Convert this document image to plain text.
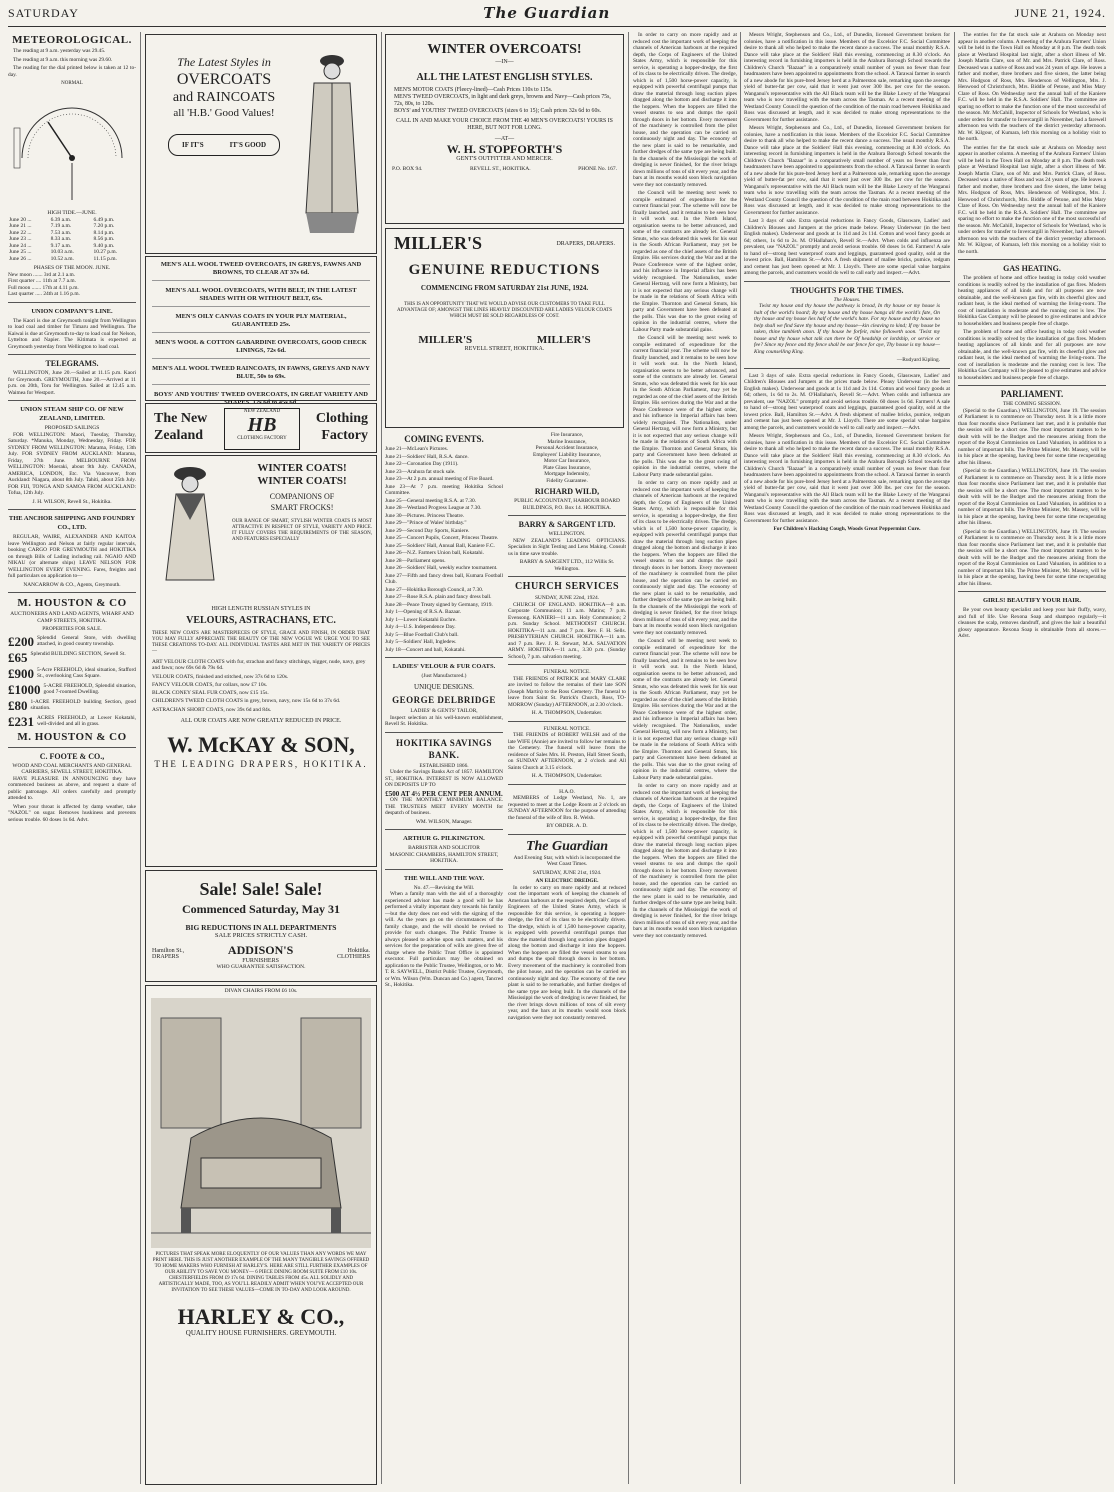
SATURDAY	The Guardian	JUNE 21, 1924.
METEOROLOGICAL.

The reading at 9 a.m. yesterday was 29.45.

The reading at 9 a.m. this morning was 29.60.

The reading for the dial printed below is taken at 12 to-day.

NORMAL
HIGH TIDE.—JUNE.
June 20 ...	6.39 a.m.	6.49 p.m.
June 21 ...	7.19 a.m.	7.20 p.m.
June 22 ...	7.53 a.m.	8.14 p.m.
June 23 ...	8.33 a.m.	8.56 p.m.
June 24 ...	9.17 a.m.	9.40 p.m.
June 25 ...	10.03 a.m.	10.27 p.m.
June 26 ...	10.52 a.m.	11.15 p.m.
PHASES OF THE MOON. JUNE.
New moon ....... 3rd at 2.1 a.m.
First quarter .... 11th at 7.7 a.m.
Full moon ....... 17th at 4.11 p.m.
Last quarter ..... 24th at 1.16 p.m.
UNION COMPANY'S LINE.

The Kaori is due at Greymouth tonight from Wellington to load coal and timber for Timaru and Wellington. The Kaiwai is due at Greymouth to-day to load coal for Nelson, Lyttelton and Napier. The Kitimata is expected at Greymouth yesterday from Wellington to load coal.

TELEGRAMS.

WELLINGTON, June 20.—Sailed at 11.15 p.m. Kaori for Greymouth. GREYMOUTH, June 20.—Arrived at 11 p.m. on 20th, Toru for Wellington. Sailed at 12.45 a.m. Waimea for Westport.

UNION STEAM SHIP CO. OF NEW ZEALAND, LIMITED.
PROPOSED SAILINGS

FOR WELLINGTON: Maori, Tuesday, Thursday, Saturday. *Manuka, Monday, Wednesday, Friday. FOR SYDNEY FROM WELLINGTON: Marama, Friday, 13th July. FOR SYDNEY FROM AUCKLAND: Marama, Friday, 27th June. MELBOURNE FROM WELLINGTON: Moeraki, about 9th July. CANADA, AMERICA, LONDON, Etc. Via Vancouver, from Auckland: Niagara, about 8th July. Tahiti, about 25th July. FOR FIJI, TONGA AND SAMOA FROM AUCKLAND: Tofua, 12th July.

J. H. WILSON, Revell St., Hokitika.
THE ANCHOR SHIPPING AND FOUNDRY CO., LTD.

REGULAR, WAIRE, ALEXANDER AND KAITOA leave Wellington and Nelson at fairly regular intervals, booking CARGO FOR GREYMOUTH and HOKITIKA on through Bills of Lading including rail. NGAIO AND NIKAU (or alternate ships) LEAVE NELSON FOR WELLINGTON EVERY EVENING. Fares, freights and full particulars on application to—

NANCARROW & CO., Agents, Greymouth.
M. HOUSTON & CO
AUCTIONEERS AND LAND AGENTS, WHARF AND CAMP STREETS, HOKITIKA.
PROPERTIES FOR SALE.
£200 Splendid General Store, with dwelling attached, in good country township.
£65 Splendid BUILDING SECTION, Sewell St.
£900 5-Acre FREEHOLD, ideal situation, Stafford St., overlooking Cass Square.
£1000 5-ACRE FREEHOLD, Splendid situation, good 7-roomed Dwelling.
£80 1-ACRE FREEHOLD building Section, good situation.
£231 ACRES FREEHOLD, at Lower Kokatahi, well-divided and all in grass.
M. HOUSTON & CO
C. FOOTE & CO.,
WOOD AND COAL MERCHANTS AND GENERAL CARRIERS, SEWELL STREET, HOKITIKA.

HAVE PLEASURE IN ANNOUNCING they have commenced business as above, and request a share of public patronage. All orders carefully and promptly attended to.

When your throat is affected by damp weather, take "NAZOL" on sugar. Removes huskiness and prevents serious trouble. 60 doses 1s 6d. Advt.

The Latest Styles in
OVERCOATS
and RAINCOATS
all 'H.B.' Good Values!
IF IT'S	IT'S GOOD
MEN'S ALL WOOL TWEED OVERCOATS, IN GREYS, FAWNS AND BROWNS, TO CLEAR AT 37s 6d.
MEN'S ALL WOOL OVERCOATS, WITH BELT, IN THE LATEST SHADES WITH OR WITHOUT BELT, 65s.
MEN'S OILY CANVAS COATS IN YOUR PLY MATERIAL, GUARANTEED 25s.
MEN'S WOOL & COTTON GABARDINE OVERCOATS, GOOD CHECK LININGS, 72s 6d.
MEN'S ALL WOOL TWEED RAINCOATS, IN FAWNS, GREYS AND NAVY BLUE, 50s to 69s.
BOYS' AND YOUTHS' TWEED OVERCOATS, IN GREAT VARIETY AND
The New
Zealand
NEW ZEALAND
HB
CLOTHING FACTORY
Clothing
Factory
WINTER COATS!
WINTER COATS!
COMPANIONS OF
SMART FROCKS!

OUR RANGE OF SMART, STYLISH WINTER COATS IS MOST ATTRACTIVE IN RESPECT OF STYLE, VARIETY AND PRICE. IT FULLY COVERS THE REQUIREMENTS OF THE SEASON, AND FEATURES ESPECIALLY

HIGH LENGTH RUSSIAN STYLES IN
VELOURS, ASTRACHANS, ETC.

THESE NEW COATS ARE MASTERPIECES OF STYLE, GRACE AND FINISH, IN ORDER THAT YOU MAY FULLY APPRECIATE THE BEAUTY OF THE NEW VOGUE WE URGE YOU TO SEE THESE CREATIONS TO-DAY. ALL INDIVIDUAL TASTES ARE MET IN THE VARIETY OF PRICES—

ART VELOUR CLOTH COATS with fur, strachan and fancy stitchings, nigger, nude, navy, grey and fawn; now 69s 6d & 79s 6d.
VELOUR COATS, finished and stitched, now 37s 6d to 120s.
FANCY VELOUR COATS, fur collars, now £7 10s.
BLACK CONEY SEAL FUR COATS, now £15 15s.
CHILDREN'S TWEED CLOTH COATS in grey, brown, navy, now 15s 6d to 37s 6d.
ASTRACHAN SHORT COATS, now 39s 6d and 84s.
ALL OUR COATS ARE NOW GREATLY REDUCED IN PRICE.
W. McKAY & SON,
THE LEADING DRAPERS, HOKITIKA.
Sale! Sale! Sale!
Commenced Saturday, May 31
BIG REDUCTIONS IN ALL DEPARTMENTS
SALE PRICES STRICTLY CASH.
Hamilton St.,
DRAPERS	ADDISON'S
FURNISHERS
Hokitika.
CLOTHIERS
WHO GUARANTEE SATISFACTION.
DIVAN CHAIRS FROM £6 10s.

PICTURES THAT SPEAK MORE ELOQUENTLY OF OUR VALUES THAN ANY WORDS WE MAY PRINT HERE. THIS IS JUST ANOTHER EXAMPLE OF THE MANY TANGIBLE SAVINGS OFFERED TO HOME MAKERS WHO FURNISH AT HARLEY'S. HERE ARE STILL FURTHER EXAMPLES OF OUR ABILITY TO SAVE YOU MONEY— 6 PIECE DINING ROOM SUITE FROM £10 10s. CHESTERFIELDS FROM £9 17s 6d. DINING TABLES FROM 45s. ALL SOLIDLY AND ARTISTICALLY MADE, TOO, AS YOU'LL READILY ADMIT WHEN YOU'VE ACCEPTED OUR INVITATION TO SEE THESE VALUES—COME IN TO-DAY AND LOOK AROUND.

HARLEY & CO.,
QUALITY HOUSE FURNISHERS. GREYMOUTH.
WINTER OVERCOATS!
—IN—
ALL THE LATEST ENGLISH STYLES.
MEN'S MOTOR COATS (Fleecy-lined)—Cash Prices 110s to 115s.
MEN'S TWEED OVERCOATS, in light and dark greys, browns and Navy—Cash prices 75s, 72s, 80s, to 120s.
BOYS' and YOUTHS' TWEED OVERCOATS (sizes 6 to 15); Cash prices 32s 6d to 60s.
CALL IN AND MAKE YOUR CHOICE FROM THE 40 MEN'S OVERCOATS! YOURS IS HERE, BUT NOT FOR LONG.
—AT—
W. H. STOPFORTH'S
GENT'S OUTFITTER AND MERCER.
P.O. BOX 94.	REVELL ST., HOKITIKA.	PHONE No. 167.
MILLER'S	DRAPERS, DRAPERS.
GENUINE REDUCTIONS
COMMENCING FROM SATURDAY 21st JUNE, 1924.

THIS IS AN OPPORTUNITY THAT WE WOULD ADVISE OUR CUSTOMERS TO TAKE FULL ADVANTAGE OF; AMONGST THE LINES HEAVILY DISCOUNTED ARE LADIES VELOUR COATS WHICH MUST BE SOLD REGARDLESS OF COST.

MILLER'S	MILLER'S
REVELL STREET, HOKITIKA.
COMING EVENTS.
June 21—McLean's Pictures.
June 21—Soldiers' Hall, R.S.A. dance.
June 22—Coronation Day (1911).
June 23—Arahura fat stock sale.
June 23—At 2 p.m. annual meeting of Fire Board.
June 23—At 7 p.m. meeting Hokitika School Committee.
June 25—General meeting R.S.A. at 7.30.
June 28—Westland Progress League at 7.30.
June 30—Pictures. Princess Theatre.
June 29—"Prince of Wales' birthday."
June 29—Second Day Sports, Kaniere.
June 25—Concert Pupils, Concert, Princess Theatre.
June 25—Soldiers' Hall, Annual Ball, Kaniere F.C.
June 26—N.Z. Farmers Union ball, Kokatahi.
June 28—Parliament opens.
June 26—Soldiers' Hall, weekly euchre tournament.
June 27—Fifth and fancy dress ball, Kumara Football Club.
June 27—Hokitika Borough Council, at 7.30.
June 27—Rose R.S.A. plain and fancy dress ball.
June 28—Peace Treaty signed by Germany, 1919.
July 1—Opening of R.S.A. Bazaar.
July 1—Lower Kokatahi Euchre.
July 4—U.S. Independence Day.
July 5—Blue Football Club's ball.
July 5—Soldiers' Hall, Ingledew.
July 18—Concert and ball, Kokatahi.
LADIES' VELOUR & FUR COATS.
(Just Manufactured.)
UNIQUE DESIGNS.
GEORGE DELBRIDGE
LADIES' & GENTS' TAILOR,

Inspect selection at his well-known establishment, Revell St. Hokitika.

HOKITIKA SAVINGS BANK.
ESTABLISHED 1866.

Under the Savings Banks Act of 1857. HAMILTON ST., HOKITIKA. INTEREST IS NOW ALLOWED ON DEPOSITS UP TO

£500 AT 4½ PER CENT PER ANNUM.

ON THE MONTHLY MINIMUM BALANCE. THE TRUSTEES MEET EVERY MONTH for despatch of business.

WM. WILSON, Manager.
ARTHUR G. PILKINGTON.
BARRISTER AND SOLICITOR
MASONIC CHAMBERS, HAMILTON STREET, HOKITIKA.
THE WILL AND THE WAY.
No. 47.—Revising the Will.

When a family man with the aid of a thoroughly experienced advisor has made a good will he has performed a vitally important duty towards his family—but the duty does not end with the signing of the will. As the years go on the circumstances of the family change, and the will should be revised to provide for such changes. The Public Trustee is always pleased to advise upon such matters, and his services for the preparation of wills are given free of charge where the Public Trust Office is appointed executor. Full particulars may be obtained on application to the Public Trustee, Wellington, or to Mr. T. R. SAYWELL, District Public Trustee, Greymouth, or Wm. Wilson (Wm. Duncan and Co.) agent, Tancred St., Hokitika.

Fire Insurance,
Marine Insurance,
Personal Accident Insurance,
Employers' Liability Insurance,
Motor Car Insurance,
Plate Glass Insurance,
Mortgage Indemnity,
Fidelity Guarantee.
RICHARD WILD,
PUBLIC ACCOUNTANT, HARBOUR BOARD BUILDINGS, P.O. Box 14. HOKITIKA.
BARRY & SARGENT LTD.
WELLINGTON.

NEW ZEALAND'S LEADING OPTICIANS. Specialists in Sight Testing and Lens Making. Consult us in time save trouble.

BARRY & SARGENT LTD., 112 Willis St. Wellington.
CHURCH SERVICES
SUNDAY, JUNE 22nd, 1924.

CHURCH OF ENGLAND. HOKITIKA—8 a.m. Corporate Communion; 11 a.m. Matins; 7 p.m. Evensong. KANIERI—11 a.m. Holy Communion; 2 p.m. Sunday School. METHODIST CHURCH. HOKITIKA—11 a.m. and 7 p.m. Rev. F. H. Sells. PRESBYTERIAN CHURCH. HOKITIKA—11 a.m. and 7 p.m. Rev. J. R. Stewart, M.A. SALVATION ARMY. HOKITIKA—11 a.m., 3.30 p.m. (Sunday School), 7 p.m. salvation meeting.

FUNERAL NOTICE.

THE FRIENDS of PATRICK and MARY CLARE are invited to follow the remains of their late SON (Joseph Martin) to the Ross Cemetery. The funeral to leave from Saint St. Patrick's Church, Ross, TO-MORROW (Sunday) AFTERNOON, at 2.30 o'clock.

H. A. THOMPSON, Undertaker.
FUNERAL NOTICE.

THE FRIENDS of ROBERT WELSH and of the late WIFE (Annie) are invited to follow her remains to the Cemetery. The funeral will leave from the residence of Sales Mrs. H. Preston, Hall Street South, on SUNDAY AFTERNOON, at 2 o'clock and All Saints Church at 3.15 o'clock.

H. A. THOMPSON, Undertaker.
H.A.O.

MEMBERS of Lodge Westland, No. 1, are requested to meet at the Lodge Room at 2 o'clock on SUNDAY AFTERNOON for the purpose of attending the funeral of the wife of Bro. R. Welsh.

BY ORDER. A. D.
The Guardian
And Evening Star, with which is incorporated the West Coast Times.
SATURDAY, JUNE 21st, 1924.
AN ELECTRIC DREDGE.

In order to carry on more rapidly and at reduced cost the important work of keeping the channels of American harbours at the required depth, the Corps of Engineers of the United States Army, which is responsible for this service, is operating a hopper-dredge, the first of its class to be electrically driven. The dredge, which is of 1,500 horse-power capacity, is equipped with powerful centrifugal pumps that draw the material through long suction pipes dragged along the bottom and discharge it into the hoppers. When the hoppers are filled the vessel steams to sea and dumps the spoil through doors in her bottom. Every movement of the machinery is controlled from the pilot house, and the operation can be carried on continuously night and day. The economy of the new plant is said to be remarkable, and further dredges of the same type are being built. In the channels of the Mississippi the work of dredging is never finished, for the river brings down millions of tons of silt every year, and the bars at its mouths would soon block navigation were they not constantly removed.

In order to carry on more rapidly and at reduced cost the important work of keeping the channels of American harbours at the required depth, the Corps of Engineers of the United States Army, which is responsible for this service, is operating a hopper-dredge, the first of its class to be electrically driven. The dredge, which is of 1,500 horse-power capacity, is equipped with powerful centrifugal pumps that draw the material through long suction pipes dragged along the bottom and discharge it into the hoppers. When the hoppers are filled the vessel steams to sea and dumps the spoil through doors in her bottom. Every movement of the machinery is controlled from the pilot house, and the operation can be carried on continuously night and day. The economy of the new plant is said to be remarkable, and further dredges of the same type are being built. In the channels of the Mississippi the work of dredging is never finished, for the river brings down millions of tons of silt every year, and the bars at its mouths would soon block navigation were they not constantly removed.

the Council will be meeting next week to compile estimated of expenditure for the current financial year. The scheme will now be finally launched, and it remains to be seen how it will work out. In the North Island, organisation seems to be better advanced, and some of the contracts are already let. General Smuts, who was defeated this week for his seat in the South African Parliament, may yet be regarded as one of the chief assets of the British Empire. His services during the War and at the Peace Conference were of the highest order, and his influence in Imperial affairs has been widely recognised. The Nationalists, under General Hertzog, will now form a Ministry, but it is not expected that any serious change will be made in the relations of South Africa with the Empire. Thornton and General Smuts, his party and Government have been defeated at the polls. This was due to the great swing of opinion in the industrial centres, where the Labour Party made substantial gains.

the Council will be meeting next week to compile estimated of expenditure for the current financial year. The scheme will now be finally launched, and it remains to be seen how it will work out. In the North Island, organisation seems to be better advanced, and some of the contracts are already let. General Smuts, who was defeated this week for his seat in the South African Parliament, may yet be regarded as one of the chief assets of the British Empire. His services during the War and at the Peace Conference were of the highest order, and his influence in Imperial affairs has been widely recognised. The Nationalists, under General Hertzog, will now form a Ministry, but it is not expected that any serious change will be made in the relations of South Africa with the Empire. Thornton and General Smuts, his party and Government have been defeated at the polls. This was due to the great swing of opinion in the industrial centres, where the Labour Party made substantial gains.

In order to carry on more rapidly and at reduced cost the important work of keeping the channels of American harbours at the required depth, the Corps of Engineers of the United States Army, which is responsible for this service, is operating a hopper-dredge, the first of its class to be electrically driven. The dredge, which is of 1,500 horse-power capacity, is equipped with powerful centrifugal pumps that draw the material through long suction pipes dragged along the bottom and discharge it into the hoppers. When the hoppers are filled the vessel steams to sea and dumps the spoil through doors in her bottom. Every movement of the machinery is controlled from the pilot house, and the operation can be carried on continuously night and day. The economy of the new plant is said to be remarkable, and further dredges of the same type are being built. In the channels of the Mississippi the work of dredging is never finished, for the river brings down millions of tons of silt every year, and the bars at its mouths would soon block navigation were they not constantly removed.

the Council will be meeting next week to compile estimated of expenditure for the current financial year. The scheme will now be finally launched, and it remains to be seen how it will work out. In the North Island, organisation seems to be better advanced, and some of the contracts are already let. General Smuts, who was defeated this week for his seat in the South African Parliament, may yet be regarded as one of the chief assets of the British Empire. His services during the War and at the Peace Conference were of the highest order, and his influence in Imperial affairs has been widely recognised. The Nationalists, under General Hertzog, will now form a Ministry, but it is not expected that any serious change will be made in the relations of South Africa with the Empire. Thornton and General Smuts, his party and Government have been defeated at the polls. This was due to the great swing of opinion in the industrial centres, where the Labour Party made substantial gains.

In order to carry on more rapidly and at reduced cost the important work of keeping the channels of American harbours at the required depth, the Corps of Engineers of the United States Army, which is responsible for this service, is operating a hopper-dredge, the first of its class to be electrically driven. The dredge, which is of 1,500 horse-power capacity, is equipped with powerful centrifugal pumps that draw the material through long suction pipes dragged along the bottom and discharge it into the hoppers. When the hoppers are filled the vessel steams to sea and dumps the spoil through doors in her bottom. Every movement of the machinery is controlled from the pilot house, and the operation can be carried on continuously night and day. The economy of the new plant is said to be remarkable, and further dredges of the same type are being built. In the channels of the Mississippi the work of dredging is never finished, for the river brings down millions of tons of silt every year, and the bars at its mouths would soon block navigation were they not constantly removed.

Messrs Wright, Stephenson and Co., Ltd., of Dunedin, licensed Government brokers for colonies, have a notification in this issue. Members of the Excelsior F.C. Social Committee desire to thank all who helped to make the recent dance a success. The usual monthly R.S.A. Dance will take place at the Soldiers' Hall this evening, commencing at 8.30 o'clock. An interesting record in furnishing importers is held in the Arahura Borough School towards the Children's Church "Bazaar" in a comparatively small number of years no fewer than four headmasters have been appointed to appointments from the school. A Tarawai farmer in search of a new abode for his pure-bred Jersey herd at a Palmerston sale, remarking upon the average yield of butter-fat per cow, said that it went just over 300 lbs. per cow for the season. Wanganui's representative with the All Black team will be the Blake Lowry of the Wanganui team who is now travelling with the team across the Tasman. At a recent meeting of the Westland County Council the question of the condition of the main road between Hokitika and Ross was discussed at length, and it was decided to make strong representations to the Government for further assistance.

Messrs Wright, Stephenson and Co., Ltd., of Dunedin, licensed Government brokers for colonies, have a notification in this issue. Members of the Excelsior F.C. Social Committee desire to thank all who helped to make the recent dance a success. The usual monthly R.S.A. Dance will take place at the Soldiers' Hall this evening, commencing at 8.30 o'clock. An interesting record in furnishing importers is held in the Arahura Borough School towards the Children's Church "Bazaar" in a comparatively small number of years no fewer than four headmasters have been appointed to appointments from the school. A Tarawai farmer in search of a new abode for his pure-bred Jersey herd at a Palmerston sale, remarking upon the average yield of butter-fat per cow, said that it went just over 300 lbs. per cow for the season. Wanganui's representative with the All Black team will be the Blake Lowry of the Wanganui team who is now travelling with the team across the Tasman. At a recent meeting of the Westland County Council the question of the condition of the main road between Hokitika and Ross was discussed at length, and it was decided to make strong representations to the Government for further assistance.

Last 3 days of sale. Extra special reductions in Fancy Goods, Glassware, Ladies' and Children's Blouses and Jumpers at the prices made below. Pleasy Underwear (in the best English makes). Underwear and goods at 1s 11d and 2s 11d. Cotton and wool fancy goods at 6d; others, 1s 6d to 2s. M. O'Hallahan's, Revell St.—Advt. When colds and influenza are prevalent, use "NAZOL" promptly and avoid serious trouble. 60 doses 1s 6d. Farmers! A sale to hand of—strong best waterproof coats and leggings, guaranteed good quality, sold at the lowest price. Ball, Hamilton St.—Advt. A fresh shipment of mallee bricks, pumice, redgum and cement has just been opened at Mr. J. Lloyd's. There are some special value bargains among the parcels, and customers would do well to call early and inspect.—Advt.

THOUGHTS FOR THE TIMES.
The Houses.

Twixt my house and thy house the pathway is broad, In thy house or my house is halt of the world's hoard; By my house and thy house hangs all the world's fate, On thy house and my house lies half of the world's hate. For my house and thy house no help shall we find Save thy house and my house—kin cleaving to kind; If my house be taken, thine tumbleth anon. If thy house be forfeit, mine followeth soon. 'Twixt my house and thy house what talk can there be Of headship or lordship, or service or fee? Since my fence and thy fence shall be our fence for aye, Thy house is my house—King counselling King.

—Rudyard Kipling.

Last 3 days of sale. Extra special reductions in Fancy Goods, Glassware, Ladies' and Children's Blouses and Jumpers at the prices made below. Pleasy Underwear (in the best English makes). Underwear and goods at 1s 11d and 2s 11d. Cotton and wool fancy goods at 6d; others, 1s 6d to 2s. M. O'Hallahan's, Revell St.—Advt. When colds and influenza are prevalent, use "NAZOL" promptly and avoid serious trouble. 60 doses 1s 6d. Farmers! A sale to hand of—strong best waterproof coats and leggings, guaranteed good quality, sold at the lowest price. Ball, Hamilton St.—Advt. A fresh shipment of mallee bricks, pumice, redgum and cement has just been opened at Mr. J. Lloyd's. There are some special value bargains among the parcels, and customers would do well to call early and inspect.—Advt.

Messrs Wright, Stephenson and Co., Ltd., of Dunedin, licensed Government brokers for colonies, have a notification in this issue. Members of the Excelsior F.C. Social Committee desire to thank all who helped to make the recent dance a success. The usual monthly R.S.A. Dance will take place at the Soldiers' Hall this evening, commencing at 8.30 o'clock. An interesting record in furnishing importers is held in the Arahura Borough School towards the Children's Church "Bazaar" in a comparatively small number of years no fewer than four headmasters have been appointed to appointments from the school. A Tarawai farmer in search of a new abode for his pure-bred Jersey herd at a Palmerston sale, remarking upon the average yield of butter-fat per cow, said that it went just over 300 lbs. per cow for the season. Wanganui's representative with the All Black team will be the Blake Lowry of the Wanganui team who is now travelling with the team across the Tasman. At a recent meeting of the Westland County Council the question of the condition of the main road between Hokitika and Ross was discussed at length, and it was decided to make strong representations to the Government for further assistance.

For Children's Hacking Cough, Woods Great Peppermint Cure.

The entries for the fat stock sale at Arahura on Monday next appear in another column. A meeting of the Arahura Farmers' Union will be held in the Town Hall on Monday at 8 p.m. The death took place at Westland Hospital last night, after a short illness of Mr. Joseph Martin Clare, son of Mr. and Mrs. Patrick Clare, of Ross. Deceased was a native of Ross and was 24 years of age. He leaves a father and mother, three brothers and five sisters, the latter being Mrs. Hodgson of Ross, Mrs. Henderson of Wellington, Mrs. J. Henwood of Christchurch, Mrs. Biddle of Petone, and Miss Mary Clare of Ross. On Wednesday next the annual ball of the Kaniere F.C. will be held in the R.S.A. Soldiers' Hall. The committee are sparing no effort to make the function one of the most successful of the season. Mr. McCahill, Inspector of Schools for Westland, who is under orders for transfer to Invercargill in November, had a farewell afternoon tea with the teachers of the district yesterday afternoon. Mr. W. Kilgour, of Kumara, left this morning on a holiday visit to the north.

The entries for the fat stock sale at Arahura on Monday next appear in another column. A meeting of the Arahura Farmers' Union will be held in the Town Hall on Monday at 8 p.m. The death took place at Westland Hospital last night, after a short illness of Mr. Joseph Martin Clare, son of Mr. and Mrs. Patrick Clare, of Ross. Deceased was a native of Ross and was 24 years of age. He leaves a father and mother, three brothers and five sisters, the latter being Mrs. Hodgson of Ross, Mrs. Henderson of Wellington, Mrs. J. Henwood of Christchurch, Mrs. Biddle of Petone, and Miss Mary Clare of Ross. On Wednesday next the annual ball of the Kaniere F.C. will be held in the R.S.A. Soldiers' Hall. The committee are sparing no effort to make the function one of the most successful of the season. Mr. McCahill, Inspector of Schools for Westland, who is under orders for transfer to Invercargill in November, had a farewell afternoon tea with the teachers of the district yesterday afternoon. Mr. W. Kilgour, of Kumara, left this morning on a holiday visit to the north.

GAS HEATING.

The problem of home and office heating in today cold weather conditions is readily solved by the installation of gas fires. Modern heating appliances of all kinds and for all purposes are now obtainable, and the well-known gas fire, with its cheerful glow and radiant heat, is the ideal method of warming the living-room. The cost of installation is moderate and the running cost is low. The Hokitika Gas Company will be pleased to give estimates and advice to householders and business people free of charge.

The problem of home and office heating in today cold weather conditions is readily solved by the installation of gas fires. Modern heating appliances of all kinds and for all purposes are now obtainable, and the well-known gas fire, with its cheerful glow and radiant heat, is the ideal method of warming the living-room. The cost of installation is moderate and the running cost is low. The Hokitika Gas Company will be pleased to give estimates and advice to householders and business people free of charge.

PARLIAMENT.
THE COMING SESSION.

(Special to the Guardian.) WELLINGTON, June 19. The session of Parliament is to commence on Thursday next. It is a little more than four months since Parliament last met, and it is probable that the session will be a short one. The most important matters to be dealt with will be the Budget and the measures arising from the report of the Royal Commission on Land Valuation, in addition to a number of important bills. The Prime Minister, Mr. Massey, will be in his place at the opening, having been for some time recuperating after his illness.

(Special to the Guardian.) WELLINGTON, June 19. The session of Parliament is to commence on Thursday next. It is a little more than four months since Parliament last met, and it is probable that the session will be a short one. The most important matters to be dealt with will be the Budget and the measures arising from the report of the Royal Commission on Land Valuation, in addition to a number of important bills. The Prime Minister, Mr. Massey, will be in his place at the opening, having been for some time recuperating after his illness.

(Special to the Guardian.) WELLINGTON, June 19. The session of Parliament is to commence on Thursday next. It is a little more than four months since Parliament last met, and it is probable that the session will be a short one. The most important matters to be dealt with will be the Budget and the measures arising from the report of the Royal Commission on Land Valuation, in addition to a number of important bills. The Prime Minister, Mr. Massey, will be in his place at the opening, having been for some time recuperating after his illness.

GIRLS! BEAUTIFY YOUR HAIR.

Be your own beauty specialist and keep your hair fluffy, wavy, and full of life. Use Rexona Soap and shampoo regularly—it cleanses the scalp, removes dandruff, and gives the hair a beautiful glossy appearance. Rexona Soap is obtainable from all stores.—Advt.
